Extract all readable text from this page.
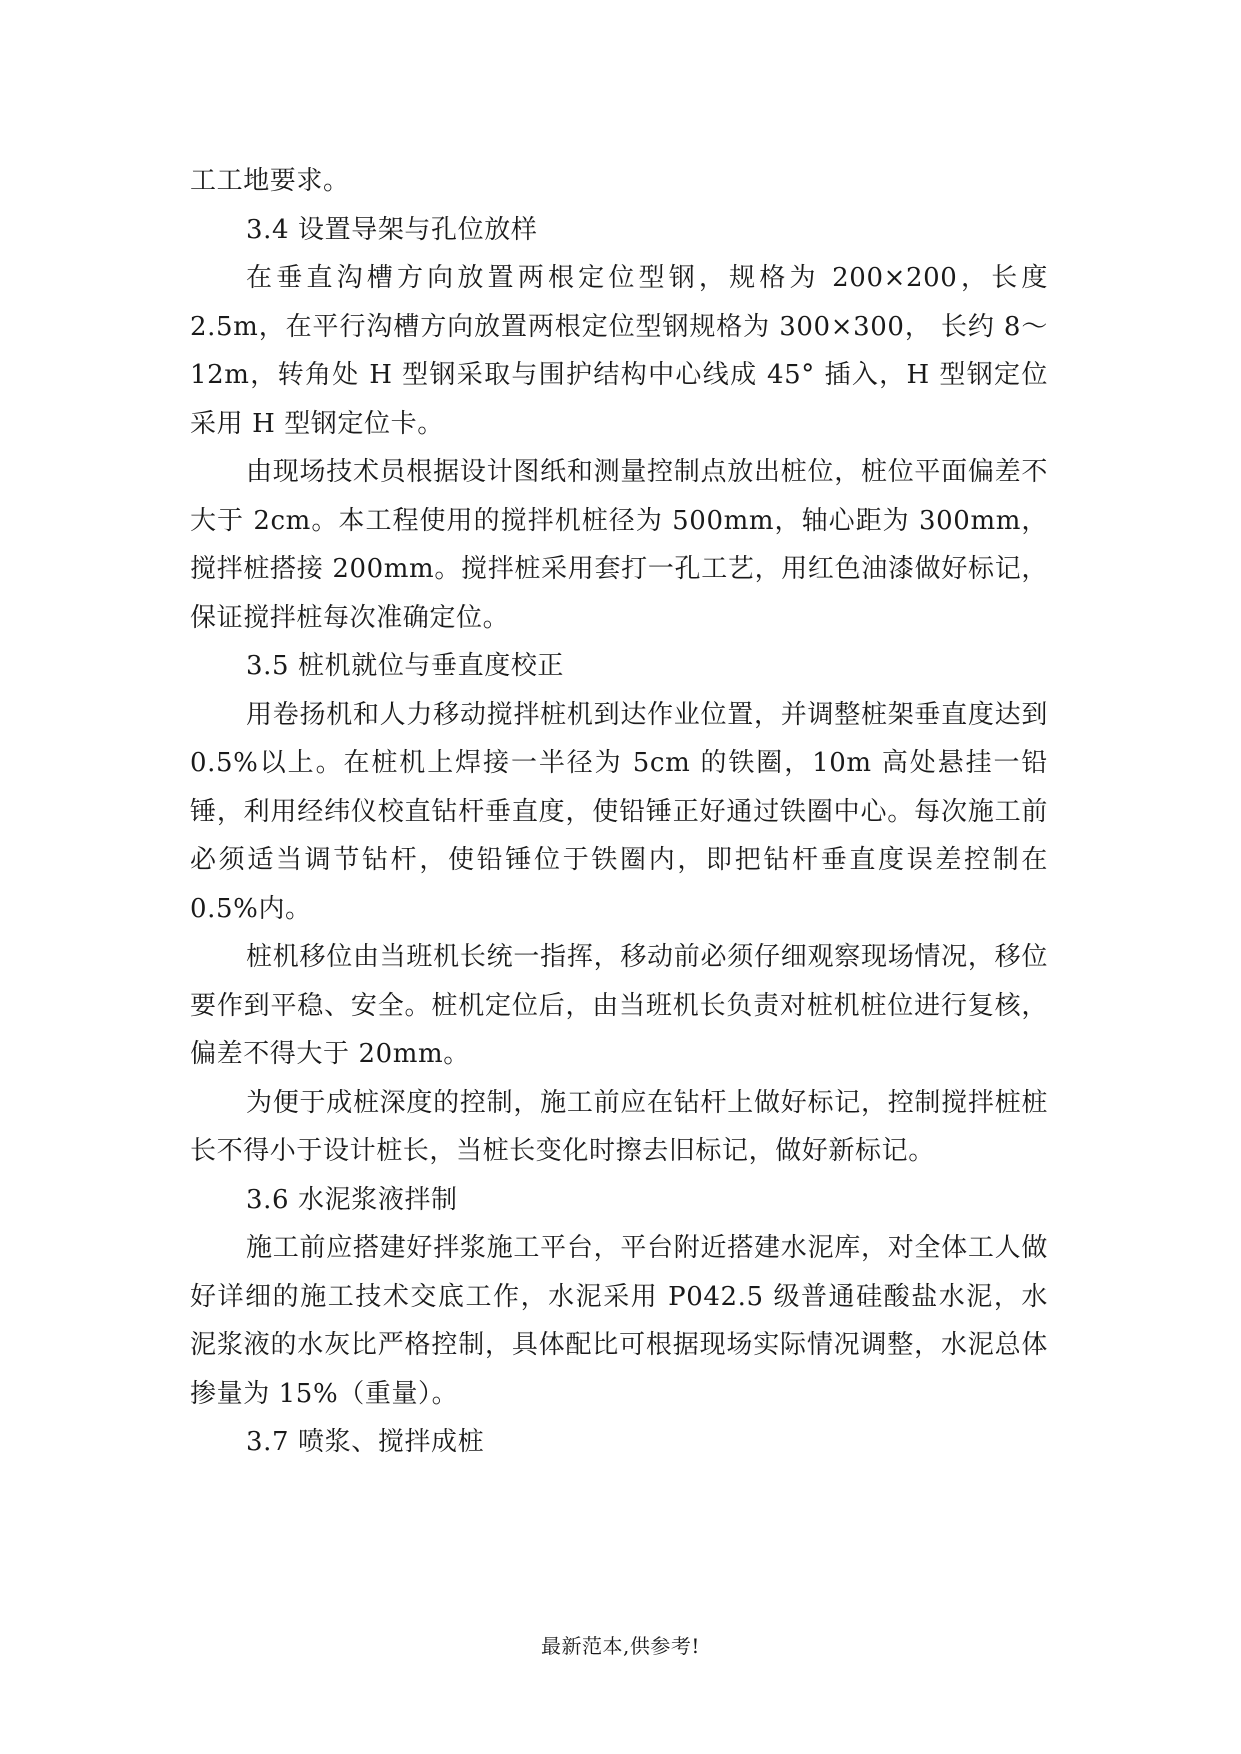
工工地要求。

3.4 设置导架与孔位放样

在垂直沟槽方向放置两根定位型钢，规格为 200×200，长度 2.5m，在平行沟槽方向放置两根定位型钢规格为 300×300， 长约 8～12m，转角处 H 型钢采取与围护结构中心线成 45° 插入，H 型钢定位采用 H 型钢定位卡。

由现场技术员根据设计图纸和测量控制点放出桩位，桩位平面偏差不大于 2cm。本工程使用的搅拌机桩径为 500mm，轴心距为 300mm，搅拌桩搭接 200mm。搅拌桩采用套打一孔工艺，用红色油漆做好标记，保证搅拌桩每次准确定位。

3.5 桩机就位与垂直度校正

用卷扬机和人力移动搅拌桩机到达作业位置，并调整桩架垂直度达到 0.5%以上。在桩机上焊接一半径为 5cm 的铁圈，10m 高处悬挂一铅锤，利用经纬仪校直钻杆垂直度，使铅锤正好通过铁圈中心。每次施工前必须适当调节钻杆，使铅锤位于铁圈内，即把钻杆垂直度误差控制在 0.5%内。

桩机移位由当班机长统一指挥，移动前必须仔细观察现场情况，移位要作到平稳、安全。桩机定位后，由当班机长负责对桩机桩位进行复核，偏差不得大于 20mm。

为便于成桩深度的控制，施工前应在钻杆上做好标记，控制搅拌桩桩长不得小于设计桩长，当桩长变化时擦去旧标记，做好新标记。

3.6 水泥浆液拌制

施工前应搭建好拌浆施工平台，平台附近搭建水泥库，对全体工人做好详细的施工技术交底工作，水泥采用 P042.5 级普通硅酸盐水泥，水泥浆液的水灰比严格控制，具体配比可根据现场实际情况调整，水泥总体掺量为 15%（重量）。

3.7 喷浆、搅拌成桩

最新范本,供参考!
